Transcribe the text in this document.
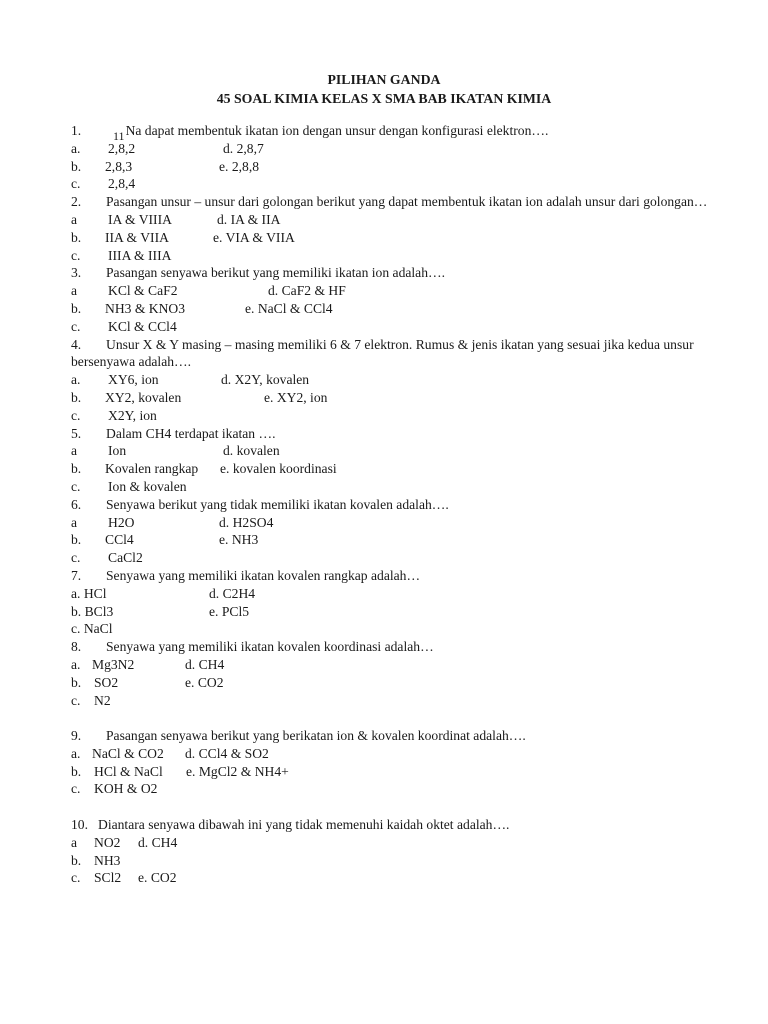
PILIHAN GANDA
45 SOAL KIMIA KELAS X SMA BAB IKATAN KIMIA
1.	11Na dapat membentuk ikatan ion dengan unsur dengan konfigurasi elektron….
a. 2,8,2	d. 2,8,7
b. 2,8,3	e. 2,8,8
c. 2,8,4
2. Pasangan unsur – unsur dari golongan berikut yang dapat membentuk ikatan ion adalah unsur dari golongan…
a IA & VIIIA	d. IA & IIA
b. IIA & VIIA	e. VIA & VIIA
c. IIIA & IIIA
3. Pasangan senyawa berikut yang memiliki ikatan ion adalah….
a KCl & CaF2	d. CaF2 & HF
b. NH3 & KNO3	e. NaCl & CCl4
c. KCl & CCl4
4. Unsur X & Y masing – masing memiliki 6 & 7 elektron. Rumus & jenis ikatan yang sesuai jika kedua unsur bersenyawa adalah….
a. XY6, ion	d. X2Y, kovalen
b. XY2, kovalen	e. XY2, ion
c. X2Y, ion
5. Dalam CH4 terdapat ikatan ….
a Ion	d. kovalen
b. Kovalen rangkap e. kovalen koordinasi
c. Ion & kovalen
6. Senyawa berikut yang tidak memiliki ikatan kovalen adalah….
a H2O	d. H2SO4
b. CCl4	e. NH3
c. CaCl2
7. Senyawa yang memiliki ikatan kovalen rangkap adalah…
a. HCl	d. C2H4
b. BCl3	e. PCl5
c. NaCl
8. Senyawa yang memiliki ikatan kovalen koordinasi adalah…
a. Mg3N2	d. CH4
b. SO2	e. CO2
c. N2
9. Pasangan senyawa berikut yang berikatan ion & kovalen koordinat adalah….
a. NaCl & CO2 d. CCl4 & SO2
b. HCl & NaCl e. MgCl2 & NH4+
c. KOH & O2
10. Diantara senyawa dibawah ini yang tidak memenuhi kaidah oktet adalah….
a NO2 d. CH4
b. NH3
c. SCl2 e. CO2
